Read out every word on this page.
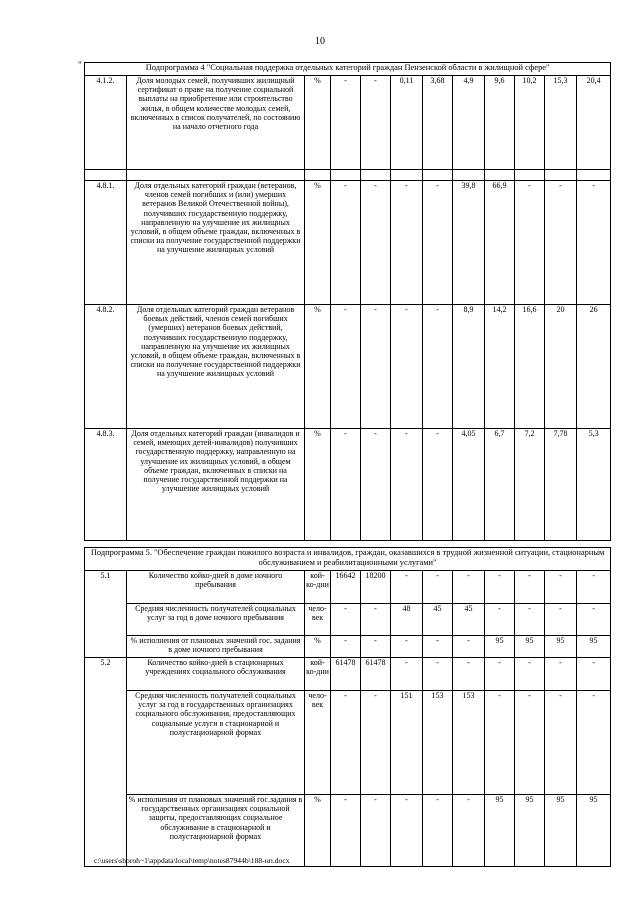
10
"	Подпрограмма 4 "Социальная поддержка отдельных категорий граждан Пензенской области в жилищной сфере"											
4.1.2.	Доля молодых семей, получивших жилищный сертификат о праве на получение социальной выплаты на приобретение или строительство жилья, в общем количестве молодых семей, включенных в список получателей, по состоянию на начало отчетного года	%	-	-	0,11	3,68	4,9	9,6	10,2	15,3	20,4

4.8.1.	Доля отдельных категорий граждан (ветеранов, членов семей погибших и (или) умерших ветеранов Великой Отечественной войны), получивших государственную поддержку, направленную на улучшение их жилищных условий, в общем объеме граждан, включенных в списки на получение государственной поддержки на улучшение жилищных условий	%	-	-	-	-	39,8	66,9	-	-	-
4.8.2.	Доля отдельных категорий граждан ветеранов боевых действий, членов семей погибших (умерших) ветеранов боевых действий, получивших государственную поддержку, направленную на улучшение их жилищных условий, в общем объеме граждан, включенных в списки на получение государственной поддержки на улучшение жилищных условий	%	-	-	-	-	8,9	14,2	16,6	20	26
4.8.3.	Доля отдельных категорий граждан (инвалидов и семей, имеющих детей-инвалидов) получивших государственную поддержку, направленную на улучшение их жилищных условий, в общем объеме граждан, включенных в списки на получение государственной поддержки на улучшение жилищных условий	%	-	-	-	-	4,05	6,7	7,2	7,78	5,3
Подпрограмма 5. "Обеспечение граждан пожилого возраста и инвалидов, граждан, оказавшихся в трудной жизненной ситуации, стационарным обслуживанием и реабилитационными услугами"											
5.1	Количество койко-дней в доме ночного пребывания	кой-ко-дни	16642	18200	-	-	-	-	-	-	-
	Средняя численность получателей социальных услуг за год в доме ночного пребывания	чело-век	-	-	48	45	45	-	-	-	-
	% исполнения от плановых значений гос. задания в доме ночного пребывания	%	-	-	-	-	-	95	95	95	95
5.2	Количество койко-дней в стационарных учреждениях социального обслуживания	кой-ко-дни	61478	61478	-	-	-	-	-	-	-
	Средняя численность получателей социальных услуг за год в государственных организациях социального обслуживания, предоставляющих социальные услуги в стационарной и полустационарной формах	чело-век	-	-	151	153	153	-	-	-	-
	% исполнения от плановых значений гос.задания в государственных организациях социальной защиты, предоставляющих социальное обслуживание в стационарной и полустационарной формах	%	-	-	-	-	-	95	95	95	95
c:\users\shoroh~1\appdata\local\temp\notes87944b\188-нп.docx
